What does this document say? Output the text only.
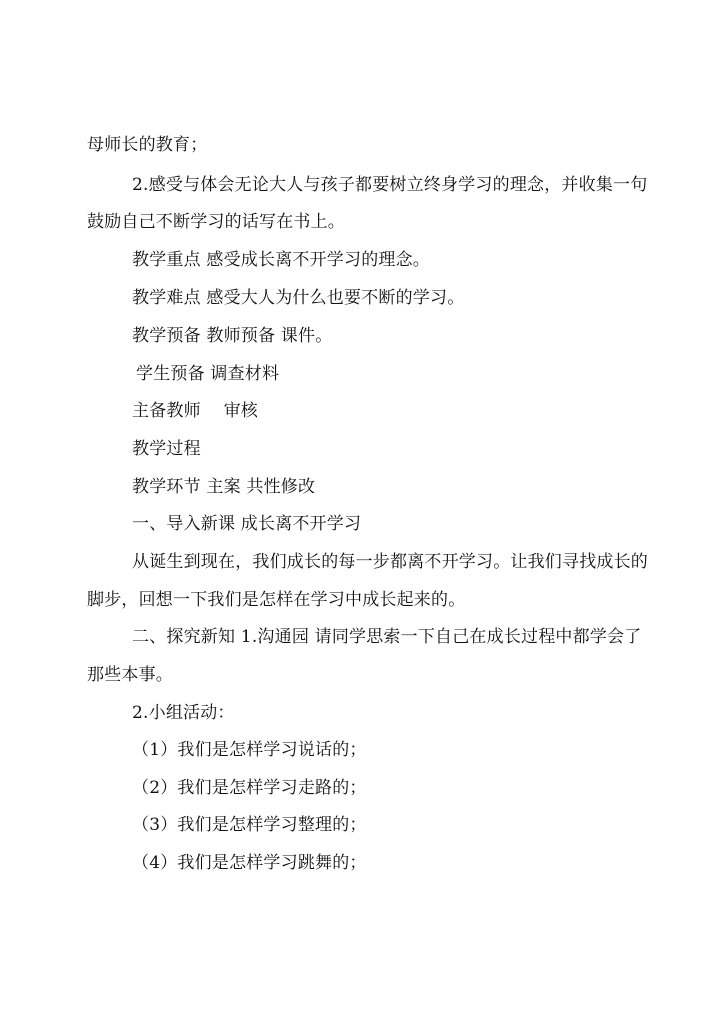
母师长的教育；
2.感受与体会无论大人与孩子都要树立终身学习的理念，并收集一句
鼓励自己不断学习的话写在书上。
教学重点 感受成长离不开学习的理念。
教学难点 感受大人为什么也要不断的学习。
教学预备 教师预备 课件。
学生预备 调查材料
主备教师　 审核
教学过程
教学环节 主案 共性修改
一、导入新课 成长离不开学习
从诞生到现在，我们成长的每一步都离不开学习。让我们寻找成长的
脚步，回想一下我们是怎样在学习中成长起来的。
二、探究新知 1.沟通园 请同学思索一下自己在成长过程中都学会了
那些本事。
2.小组活动：
（1）我们是怎样学习说话的；
（2）我们是怎样学习走路的；
（3）我们是怎样学习整理的；
（4）我们是怎样学习跳舞的；
